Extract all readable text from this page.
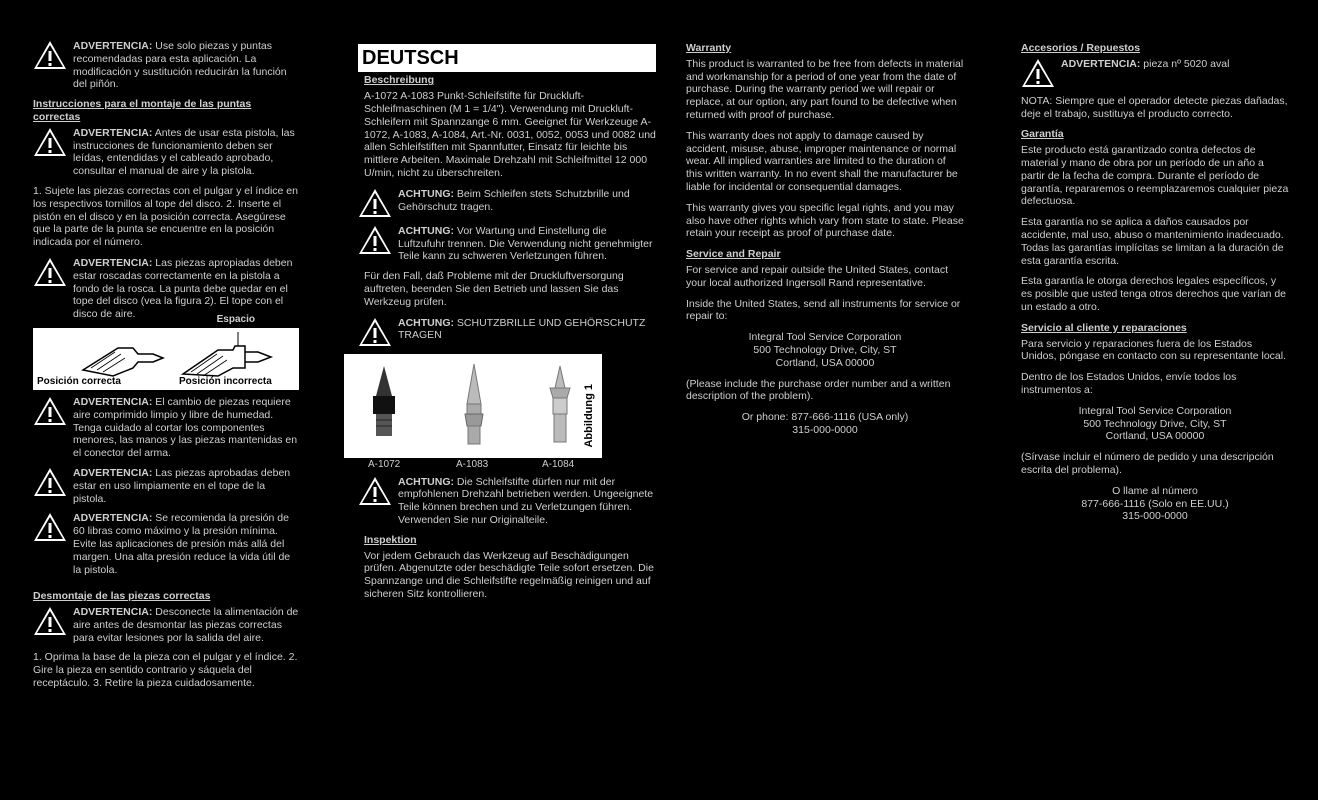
ADVERTENCIA: Use solo piezas y puntas recomendadas para esta aplicación. La modificación y sustitución reducirán la función del piñón.
Instrucciones para el montaje de las puntas correctas
ADVERTENCIA: Antes de usar esta pistola, las instrucciones de funcionamiento deben ser leídas, entendidas y el cableado aprobado, consultar el manual de aire y la pistola.
1. Sujete las piezas correctas con el pulgar y el índice en los respectivos tornillos al tope del disco. 2. Inserte el pistón en el disco y en la posición correcta. Asegúrese que la parte de la punta se encuentre en la posición indicada por el número.
ADVERTENCIA: Las piezas apropiadas deben estar roscadas correctamente en la pistola a fondo de la rosca. La punta debe quedar en el tope del disco (vea la figura 2). El tope con el disco de aire.	Espacio
Posición correcta	Posición incorrecta
ADVERTENCIA: El cambio de piezas requiere aire comprimido limpio y libre de humedad. Tenga cuidado al cortar los componentes menores, las manos y las piezas mantenidas en el conector del arma.
ADVERTENCIA: Las piezas aprobadas deben estar en uso limpiamente en el tope de la pistola.
ADVERTENCIA: Se recomienda la presión de 60 libras como máximo y la presión mínima. Evite las aplicaciones de presión más allá del margen. Una alta presión reduce la vida útil de la pistola.
Desmontaje de las piezas correctas
ADVERTENCIA: Desconecte la alimentación de aire antes de desmontar las piezas correctas para evitar lesiones por la salida del aire.
1. Oprima la base de la pieza con el pulgar y el índice. 2. Gire la pieza en sentido contrario y sáquela del receptáculo. 3. Retire la pieza cuidadosamente.
DEUTSCH
Beschreibung
A-1072 A-1083 Punkt-Schleifstifte für Druckluft-Schleifmaschinen (M 1 = 1/4"). Verwendung mit Druckluft-Schleifern mit Spannzange 6 mm. Geeignet für Werkzeuge A-1072, A-1083, A-1084, Art.-Nr. 0031, 0052, 0053 und 0082 und allen Schleifstiften mit Spannfutter, Einsatz für leichte bis mittlere Arbeiten. Maximale Drehzahl mit Schleifmittel 12 000 U/min, nicht zu überschreiten.
ACHTUNG: Beim Schleifen stets Schutzbrille und Gehörschutz tragen.
ACHTUNG: Vor Wartung und Einstellung die Luftzufuhr trennen. Die Verwendung nicht genehmigter Teile kann zu schweren Verletzungen führen.
Für den Fall, daß Probleme mit der Druckluftversorgung auftreten, beenden Sie den Betrieb und lassen Sie das Werkzeug prüfen.
ACHTUNG: SCHUTZBRILLE UND GEHÖRSCHUTZ TRAGEN
Abbildung 1
A-1072	A-1083	A-1084
ACHTUNG: Die Schleifstifte dürfen nur mit der empfohlenen Drehzahl betrieben werden. Ungeeignete Teile können brechen und zu Verletzungen führen. Verwenden Sie nur Originalteile.
Inspektion
Vor jedem Gebrauch das Werkzeug auf Beschädigungen prüfen. Abgenutzte oder beschädigte Teile sofort ersetzen. Die Spannzange und die Schleifstifte regelmäßig reinigen und auf sicheren Sitz kontrollieren.
Warranty
This product is warranted to be free from defects in material and workmanship for a period of one year from the date of purchase. During the warranty period we will repair or replace, at our option, any part found to be defective when returned with proof of purchase.
This warranty does not apply to damage caused by accident, misuse, abuse, improper maintenance or normal wear. All implied warranties are limited to the duration of this written warranty. In no event shall the manufacturer be liable for incidental or consequential damages.
This warranty gives you specific legal rights, and you may also have other rights which vary from state to state. Please retain your receipt as proof of purchase date.
Service and Repair
For service and repair outside the United States, contact your local authorized Ingersoll Rand representative.
Inside the United States, send all instruments for service or repair to:
Integral Tool Service Corporation
500 Technology Drive, City, ST
Cortland, USA 00000
(Please include the purchase order number and a written description of the problem).
Or phone: 877-666-1116 (USA only)
315-000-0000
Accesorios / Repuestos
ADVERTENCIA: pieza nº 5020 aval
NOTA: Siempre que el operador detecte piezas dañadas, deje el trabajo, sustituya el producto correcto.
Garantía
Este producto está garantizado contra defectos de material y mano de obra por un período de un año a partir de la fecha de compra. Durante el período de garantía, repararemos o reemplazaremos cualquier pieza defectuosa.
Esta garantía no se aplica a daños causados por accidente, mal uso, abuso o mantenimiento inadecuado. Todas las garantías implícitas se limitan a la duración de esta garantía escrita.
Esta garantía le otorga derechos legales específicos, y es posible que usted tenga otros derechos que varían de un estado a otro.
Servicio al cliente y reparaciones
Para servicio y reparaciones fuera de los Estados Unidos, póngase en contacto con su representante local.
Dentro de los Estados Unidos, envíe todos los instrumentos a:
Integral Tool Service Corporation
500 Technology Drive, City, ST
Cortland, USA 00000
(Sírvase incluir el número de pedido y una descripción escrita del problema).
O llame al número
877-666-1116 (Solo en EE.UU.)
315-000-0000
